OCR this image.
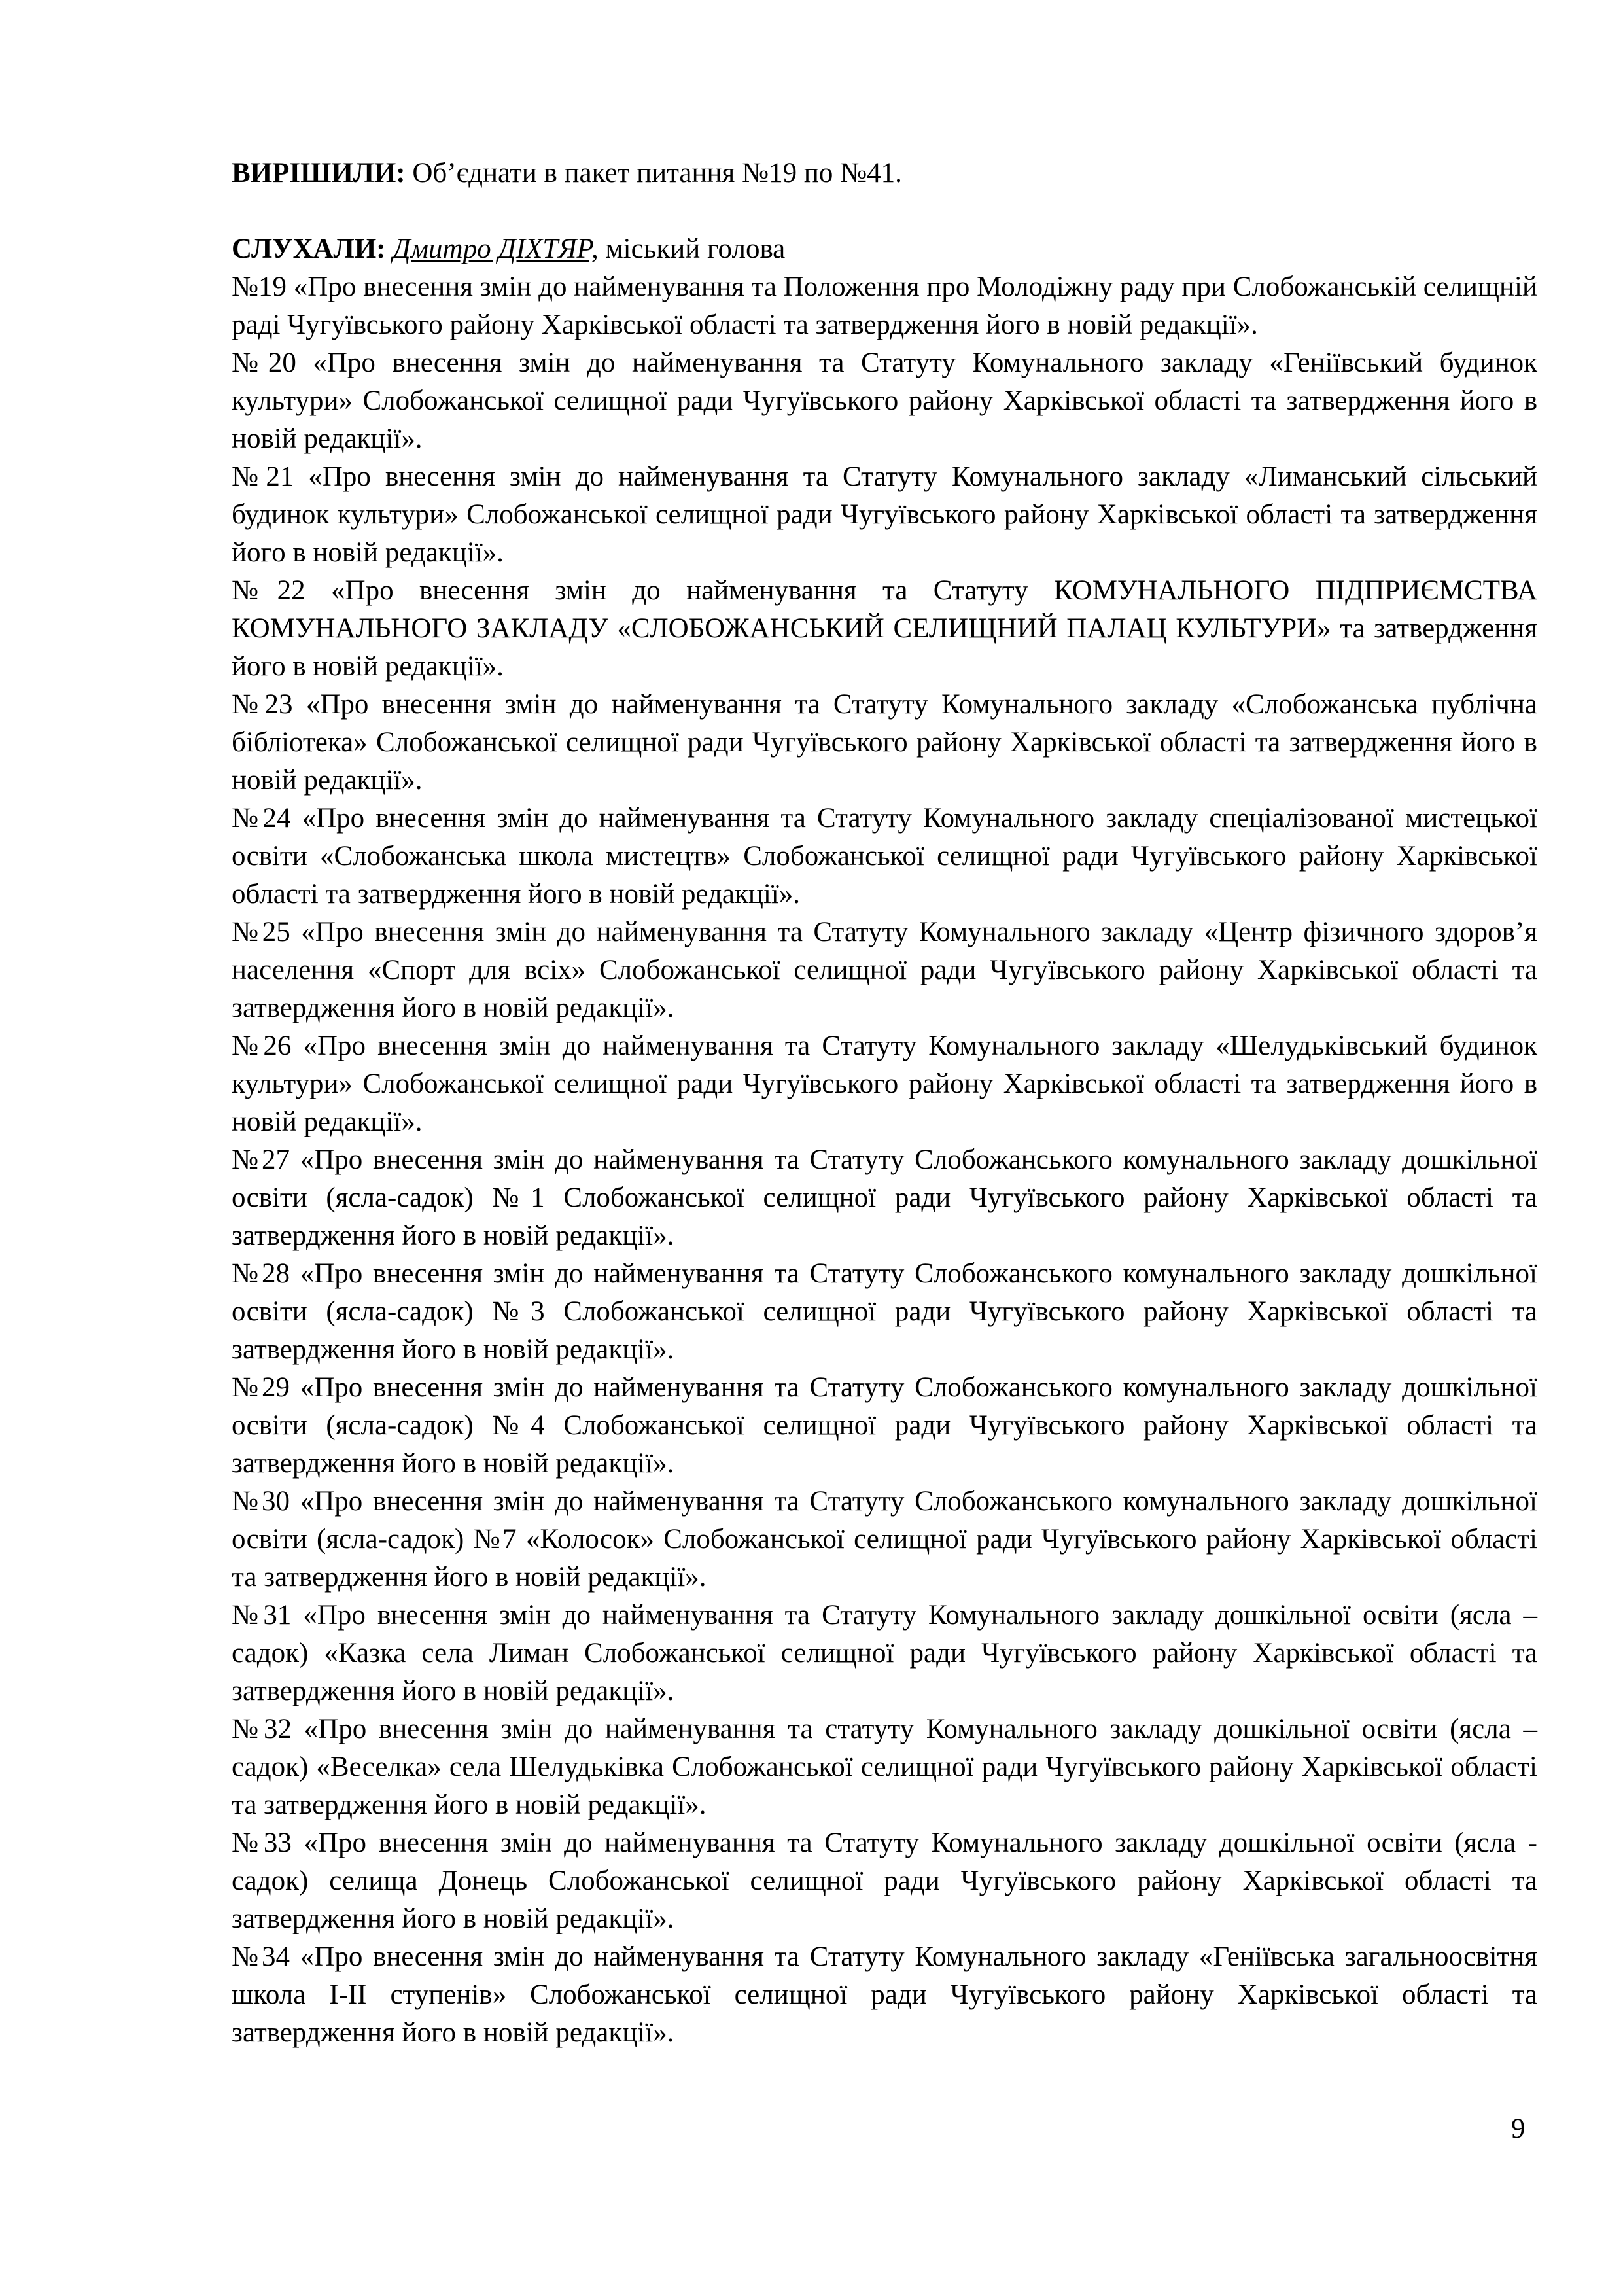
ВИРІШИЛИ: Об’єднати в пакет питання №19 по №41.

СЛУХАЛИ: Дмитро ДІХТЯР, міський голова

№19 «Про внесення змін до найменування та Положення про Молодіжну раду при Слобожанській селищній раді Чугуївського району Харківської області та затвердження його в новій редакції».

№20 «Про внесення змін до найменування та Статуту Комунального закладу «Геніївський будинок культури» Слобожанської селищної ради Чугуївського району Харківської області та затвердження його в новій редакції».

№21 «Про внесення змін до найменування та Статуту Комунального закладу «Лиманський сільський будинок культури» Слобожанської селищної ради Чугуївського району Харківської області та затвердження його в новій редакції».

№22 «Про внесення змін до найменування та Статуту КОМУНАЛЬНОГО ПІДПРИЄМСТВА КОМУНАЛЬНОГО ЗАКЛАДУ «СЛОБОЖАНСЬКИЙ СЕЛИЩНИЙ ПАЛАЦ КУЛЬТУРИ» та затвердження його в новій редакції».

№23 «Про внесення змін до найменування та Статуту Комунального закладу «Слобожанська публічна бібліотека» Слобожанської селищної ради Чугуївського району Харківської області та затвердження його в новій редакції».

№24 «Про внесення змін до найменування та Статуту Комунального закладу спеціалізованої мистецької освіти «Слобожанська школа мистецтв» Слобожанської селищної ради Чугуївського району Харківської області та затвердження його в новій редакції».

№25 «Про внесення змін до найменування та Статуту Комунального закладу «Центр фізичного здоров’я населення «Спорт для всіх» Слобожанської селищної ради Чугуївського району Харківської області та затвердження його в новій редакції».

№26 «Про внесення змін до найменування та Статуту Комунального закладу «Шелудьківський будинок культури» Слобожанської селищної ради Чугуївського району Харківської області та затвердження його в новій редакції».

№27 «Про внесення змін до найменування та Статуту Слобожанського комунального закладу дошкільної освіти (ясла-садок) №1 Слобожанської селищної ради Чугуївського району Харківської області та затвердження його в новій редакції».

№28 «Про внесення змін до найменування та Статуту Слобожанського комунального закладу дошкільної освіти (ясла-садок) №3 Слобожанської селищної ради Чугуївського району Харківської області та затвердження його в новій редакції».

№29 «Про внесення змін до найменування та Статуту Слобожанського комунального закладу дошкільної освіти (ясла-садок) №4 Слобожанської селищної ради Чугуївського району Харківської області та затвердження його в новій редакції».

№30 «Про внесення змін до найменування та Статуту Слобожанського комунального закладу дошкільної освіти (ясла-садок) №7 «Колосок» Слобожанської селищної ради Чугуївського району Харківської області та затвердження його в новій редакції».

№31 «Про внесення змін до найменування та Статуту Комунального закладу дошкільної освіти (ясла – садок) «Казка села Лиман Слобожанської селищної ради Чугуївського району Харківської області та затвердження його в новій редакції».

№32 «Про внесення змін до найменування та статуту Комунального закладу дошкільної освіти (ясла – садок) «Веселка» села Шелудьківка Слобожанської селищної ради Чугуївського району Харківської області та затвердження його в новій редакції».

№33 «Про внесення змін до найменування та Статуту Комунального закладу дошкільної освіти (ясла - садок) селища Донець Слобожанської селищної ради Чугуївського району Харківської області та затвердження його в новій редакції».

№34 «Про внесення змін до найменування та Статуту Комунального закладу «Геніївська загальноосвітня школа І-ІІ ступенів» Слобожанської селищної ради Чугуївського району Харківської області та затвердження його в новій редакції».

9
